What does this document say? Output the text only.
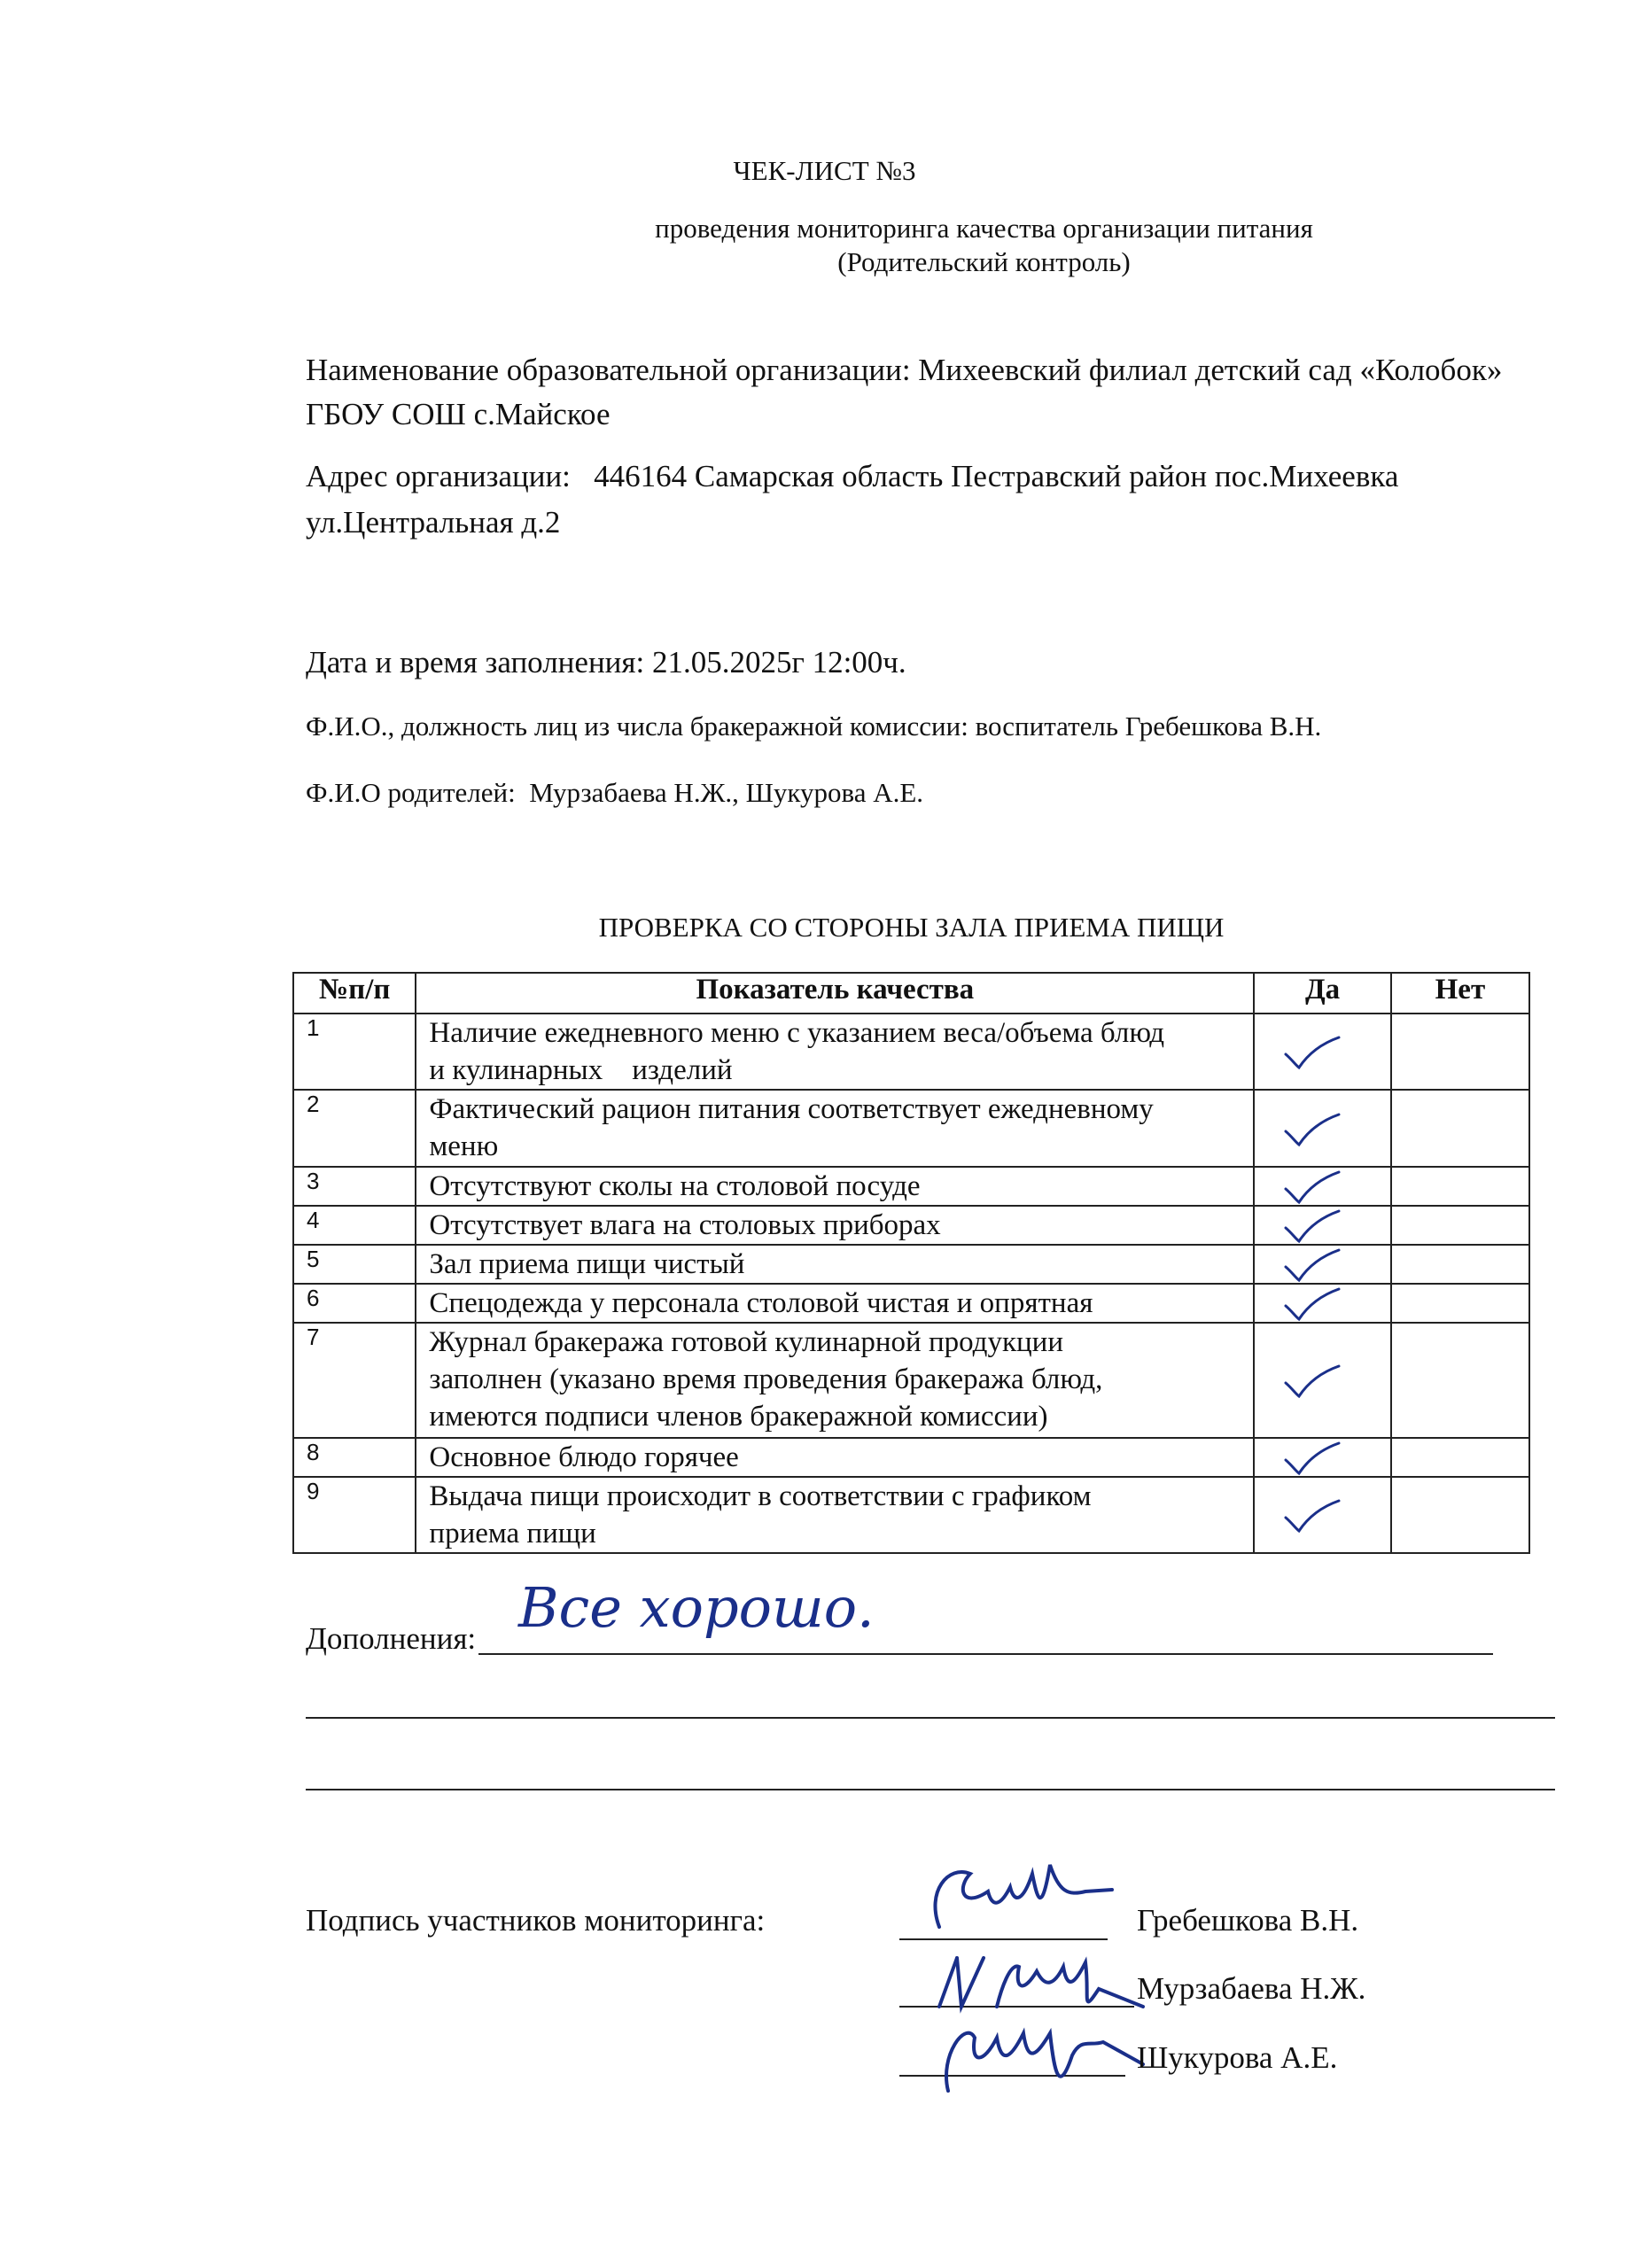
ЧЕК-ЛИСТ №3
проведения мониторинга качества организации питания
(Родительский контроль)
Наименование образовательной организации: Михеевский филиал детский сад «Колобок»
ГБОУ СОШ с.Майское
Адрес организации:   446164 Самарская область Пестравский район пос.Михеевка
ул.Центральная д.2
Дата и время заполнения: 21.05.2025г 12:00ч.
Ф.И.О., должность лиц из числа бракеражной комиссии: воспитатель Гребешкова В.Н.
Ф.И.О родителей:  Мурзабаева Н.Ж., Шукурова А.Е.
ПРОВЕРКА СО СТОРОНЫ ЗАЛА ПРИЕМА ПИЩИ
№п/п	Показатель качества	Да	Нет
1	Наличие ежедневного меню с указанием веса/объема блюд
и кулинарных    изделий

2	Фактический рацион питания соответствует ежедневному
меню

3	Отсутствуют сколы на столовой посуде

4	Отсутствует влага на столовых приборах

5	Зал приема пищи чистый

6	Спецодежда у персонала столовой чистая и опрятная

7	Журнал бракеража готовой кулинарной продукции
заполнен (указано время проведения бракеража блюд,
имеются подписи членов бракеражной комиссии)

8	Основное блюдо горячее

9	Выдача пищи происходит в соответствии с графиком
приема пищи

Дополнения: Все хорошо.
Подпись участников мониторинга:	Гребешкова В.Н.
Мурзабаева Н.Ж.
Шукурова А.Е.
